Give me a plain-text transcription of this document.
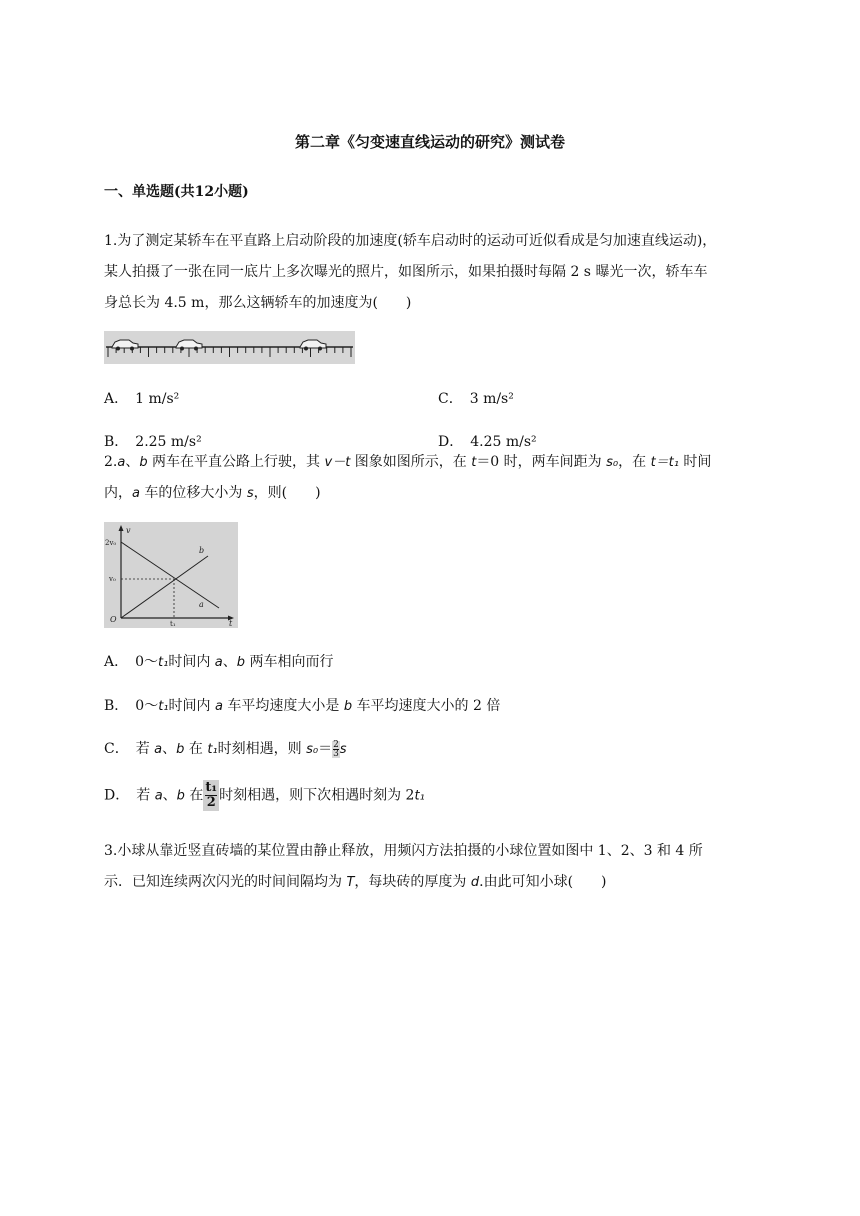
第二章《匀变速直线运动的研究》测试卷
一、单选题(共12小题)
1.为了测定某轿车在平直路上启动阶段的加速度(轿车启动时的运动可近似看成是匀加速直线运动)，
某人拍摄了一张在同一底片上多次曝光的照片，如图所示，如果拍摄时每隔 2 s 曝光一次，轿车车
身总长为 4.5 m，那么这辆轿车的加速度为(　　)
A．　1 m/s²	C．　3 m/s²
B．　2.25 m/s²	D．　4.25 m/s²
2.a、b 两车在平直公路上行驶，其 v－t 图象如图所示，在 t＝0 时，两车间距为 s₀，在 t＝t₁ 时间
内，a 车的位移大小为 s，则(　　)
v
t
O
2v₀
v₀
t₁
a
b
A．　0～t₁时间内 a、b 两车相向而行
B．　0～t₁时间内 a 车平均速度大小是 b 车平均速度大小的 2 倍
C．　若 a、b 在 t₁时刻相遇，则 $s_0= \frac{2}{3}$ s
D．　若 a、b 在 $\frac{\text{t₁}}{2}$ 时刻相遇，则下次相遇时刻为 2t₁
3.小球从靠近竖直砖墙的某位置由静止释放，用频闪方法拍摄的小球位置如图中 1、2、3 和 4 所
示．已知连续两次闪光的时间间隔均为 T，每块砖的厚度为 d.由此可知小球(　　)
